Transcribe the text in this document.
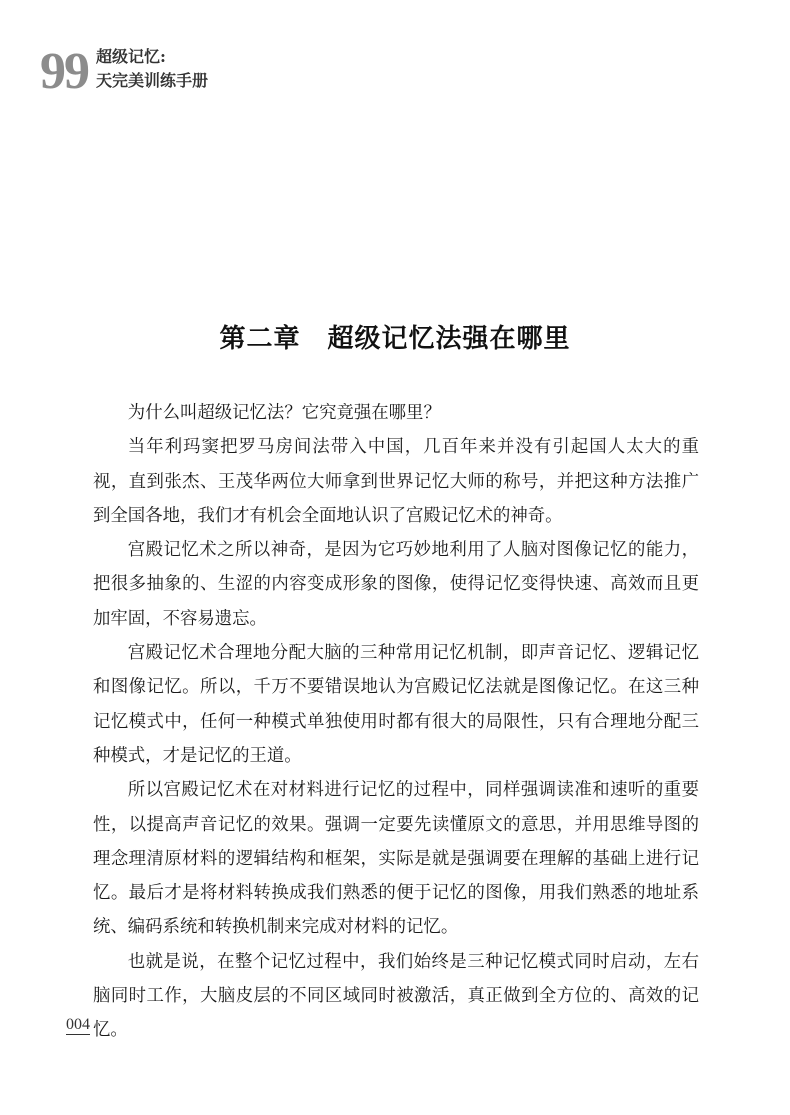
99 超级记忆:
天完美训练手册
第二章　超级记忆法强在哪里

为什么叫超级记忆法？它究竟强在哪里？

当年利玛窦把罗马房间法带入中国，几百年来并没有引起国人太大的重视，直到张杰、王茂华两位大师拿到世界记忆大师的称号，并把这种方法推广到全国各地，我们才有机会全面地认识了宫殿记忆术的神奇。

宫殿记忆术之所以神奇，是因为它巧妙地利用了人脑对图像记忆的能力，把很多抽象的、生涩的内容变成形象的图像，使得记忆变得快速、高效而且更加牢固，不容易遗忘。

宫殿记忆术合理地分配大脑的三种常用记忆机制，即声音记忆、逻辑记忆和图像记忆。所以，千万不要错误地认为宫殿记忆法就是图像记忆。在这三种记忆模式中，任何一种模式单独使用时都有很大的局限性，只有合理地分配三种模式，才是记忆的王道。

所以宫殿记忆术在对材料进行记忆的过程中，同样强调读准和速听的重要性，以提高声音记忆的效果。强调一定要先读懂原文的意思，并用思维导图的理念理清原材料的逻辑结构和框架，实际是就是强调要在理解的基础上进行记忆。最后才是将材料转换成我们熟悉的便于记忆的图像，用我们熟悉的地址系统、编码系统和转换机制来完成对材料的记忆。

也就是说，在整个记忆过程中，我们始终是三种记忆模式同时启动，左右脑同时工作，大脑皮层的不同区域同时被激活，真正做到全方位的、高效的记忆。

004
